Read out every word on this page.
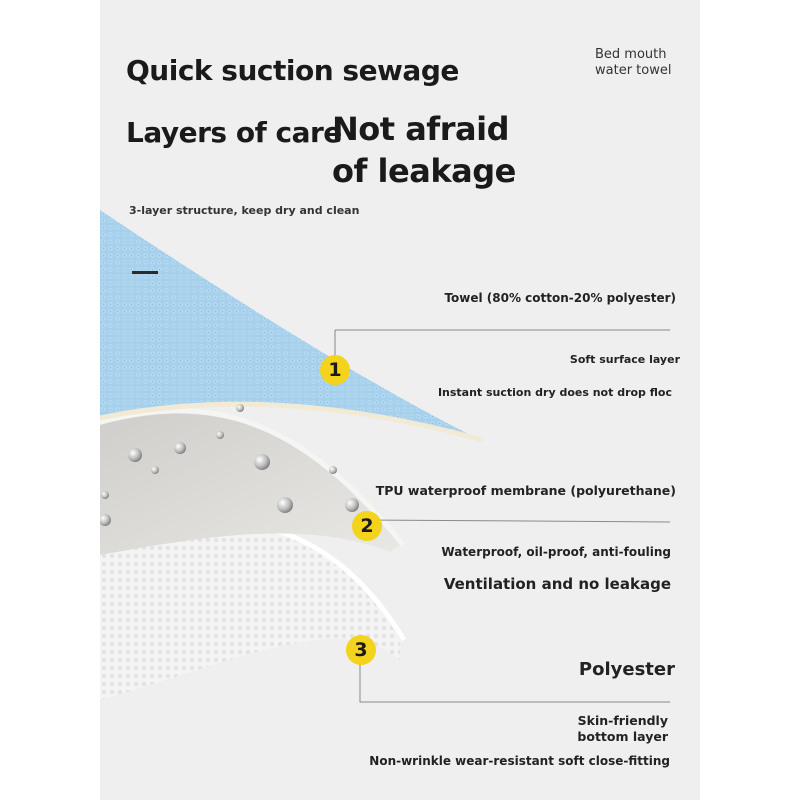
Quick suction sewage
Layers of care
Not afraid
of leakage
Bed mouth
water towel
3-layer structure, keep dry and clean
1
Towel (80% cotton-20% polyester)
Soft surface layer
Instant suction dry does not drop floc
2
TPU waterproof membrane (polyurethane)
Waterproof, oil-proof, anti-fouling
Ventilation and no leakage
3
Polyester
Skin-friendly
bottom layer
Non-wrinkle wear-resistant soft close-fitting
